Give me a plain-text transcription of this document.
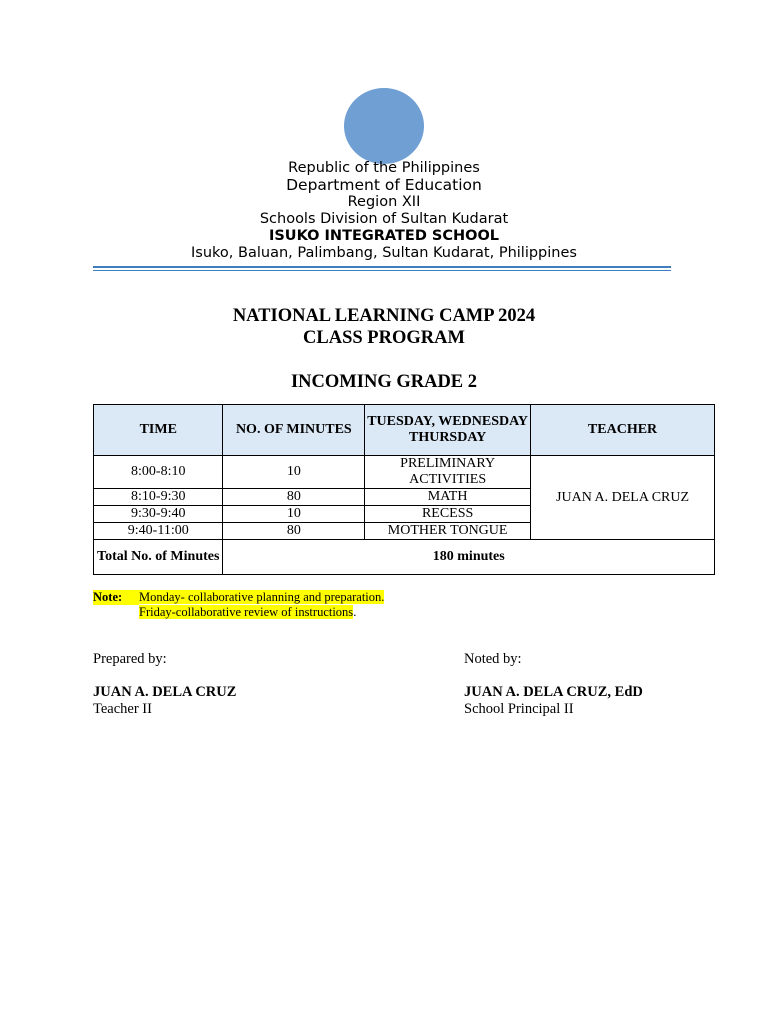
Republic of the Philippines
Department of Education
Region XII
Schools Division of Sultan Kudarat
ISUKO INTEGRATED SCHOOL
Isuko, Baluan, Palimbang, Sultan Kudarat, Philippines
NATIONAL LEARNING CAMP 2024
CLASS PROGRAM
INCOMING GRADE 2
TIME	NO. OF MINUTES	TUESDAY, WEDNESDAY THURSDAY	TEACHER
8:00-8:10	10	PRELIMINARY ACTIVITIES	JUAN A. DELA CRUZ
8:10-9:30	80	MATH	
9:30-9:40	10	RECESS	
9:40-11:00	80	MOTHER TONGUE	
Total No. of Minutes	180 minutes		
Note: Monday- collaborative planning and preparation.
Friday-collaborative review of instructions.
Prepared by:
JUAN A. DELA CRUZ
Teacher II
Noted by:
JUAN A. DELA CRUZ, EdD
School Principal II
